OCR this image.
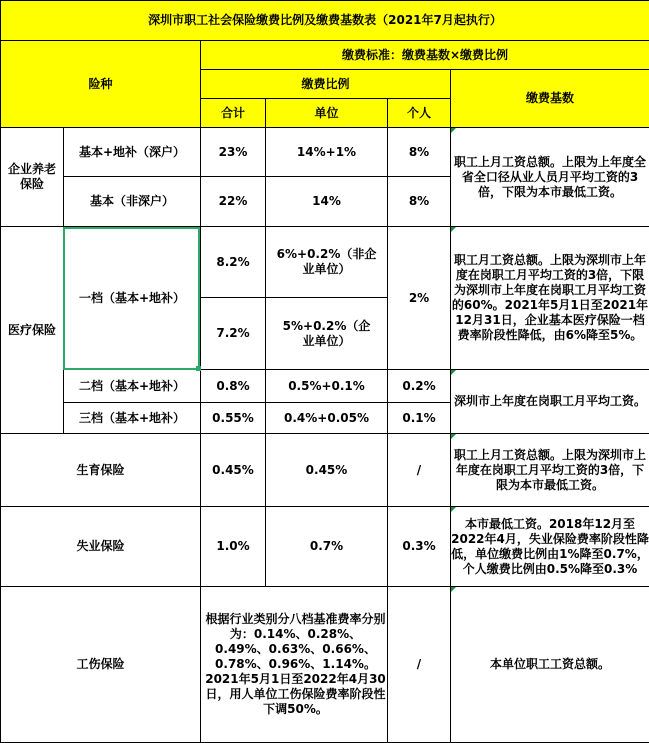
深圳市职工社会保险缴费比例及缴费基数表（2021年7月起执行）					
险种		缴费标准：缴费基数×缴费比例			
		缴费比例			缴费基数
		合计	单位	个人	
企业养老保险	基本+地补（深户）	23%	14%+1%	8%	职工上月工资总额。上限为上年度全省全口径从业人员月平均工资的3倍，下限为本市最低工资。
	基本（非深户）	22%	14%	8%	
医疗保险	一档（基本+地补）	8.2%	6%+0.2%（非企业单位）	2%	职工月工资总额。上限为深圳市上年度在岗职工月平均工资的3倍，下限为深圳市上年度在岗职工月平均工资的60%。2021年5月1日至2021年12月31日，企业基本医疗保险一档费率阶段性降低，由6%降至5%。
		7.2%	5%+0.2%（企业单位）		
	二档（基本+地补）	0.8%	0.5%+0.1%	0.2%	深圳市上年度在岗职工月平均工资。
	三档（基本+地补）	0.55%	0.4%+0.05%	0.1%	
生育保险		0.45%	0.45%	/	职工上月工资总额。上限为深圳市上年度在岗职工月平均工资的3倍，下限为本市最低工资。
失业保险		1.0%	0.7%	0.3%	本市最低工资。2018年12月至2022年4月，失业保险费率阶段性降低，单位缴费比例由1%降至0.7%，个人缴费比例由0.5%降至0.3%
工伤保险		根据行业类别分八档基准费率分别为：0.14%、0.28%、0.49%、0.63%、0.66%、0.78%、0.96%、1.14%。2021年5月1日至2022年4月30日，用人单位工伤保险费率阶段性下调50%。		/	本单位职工工资总额。
